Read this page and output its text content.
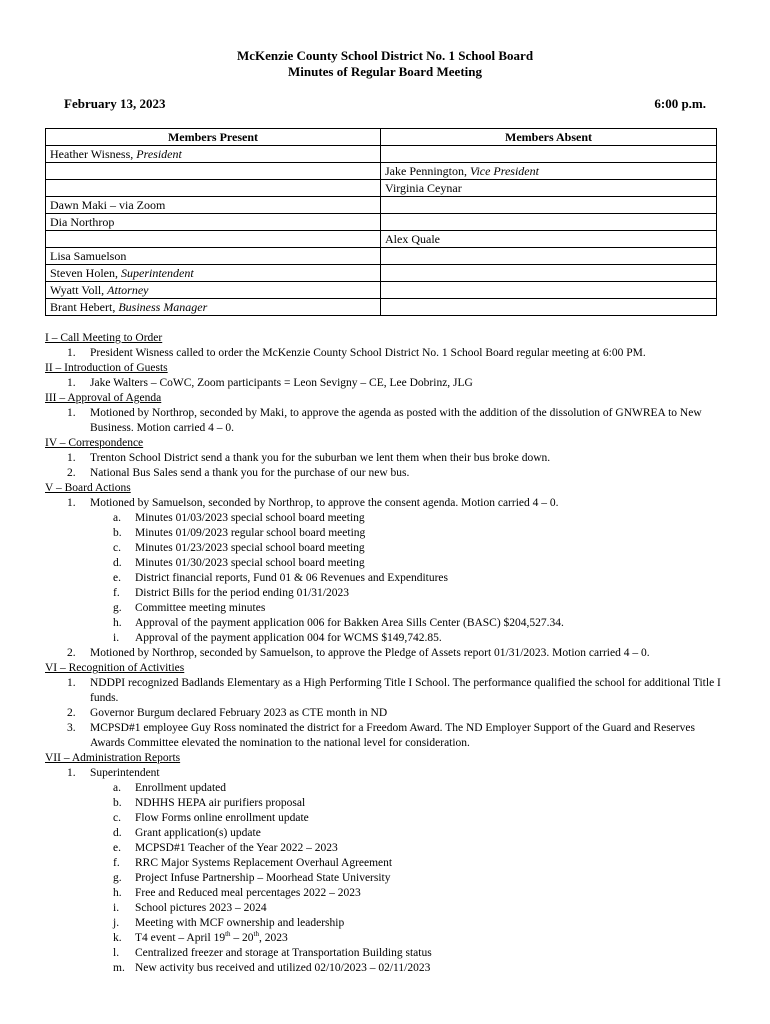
McKenzie County School District No. 1 School Board
Minutes of Regular Board Meeting
February 13, 2023	6:00 p.m.
Members Present	Members Absent
Heather Wisness, President	
	Jake Pennington, Vice President
	Virginia Ceynar
Dawn Maki – via Zoom	
Dia Northrop	
	Alex Quale
Lisa Samuelson	
Steven Holen, Superintendent	
Wyatt Voll, Attorney	
Brant Hebert, Business Manager	
I – Call Meeting to Order
1. President Wisness called to order the McKenzie County School District No. 1 School Board regular meeting at 6:00 PM.
II – Introduction of Guests
1. Jake Walters – CoWC, Zoom participants = Leon Sevigny – CE, Lee Dobrinz, JLG
III – Approval of Agenda
1. Motioned by Northrop, seconded by Maki, to approve the agenda as posted with the addition of the dissolution of GNWREA to New Business. Motion carried 4 – 0.
IV – Correspondence
1. Trenton School District send a thank you for the suburban we lent them when their bus broke down.
2. National Bus Sales send a thank you for the purchase of our new bus.
V – Board Actions
1. Motioned by Samuelson, seconded by Northrop, to approve the consent agenda. Motion carried 4 – 0.
a. Minutes 01/03/2023 special school board meeting
b. Minutes 01/09/2023 regular school board meeting
c. Minutes 01/23/2023 special school board meeting
d. Minutes 01/30/2023 special school board meeting
e. District financial reports, Fund 01 & 06 Revenues and Expenditures
f. District Bills for the period ending 01/31/2023
g. Committee meeting minutes
h. Approval of the payment application 006 for Bakken Area Sills Center (BASC) $204,527.34.
i. Approval of the payment application 004 for WCMS $149,742.85.
2. Motioned by Northrop, seconded by Samuelson, to approve the Pledge of Assets report 01/31/2023. Motion carried 4 – 0.
VI – Recognition of Activities
1. NDDPI recognized Badlands Elementary as a High Performing Title I School. The performance qualified the school for additional Title I funds.
2. Governor Burgum declared February 2023 as CTE month in ND
3. MCPSD#1 employee Guy Ross nominated the district for a Freedom Award. The ND Employer Support of the Guard and Reserves Awards Committee elevated the nomination to the national level for consideration.
VII – Administration Reports
1. Superintendent
a. Enrollment updated
b. NDHHS HEPA air purifiers proposal
c. Flow Forms online enrollment update
d. Grant application(s) update
e. MCPSD#1 Teacher of the Year 2022 – 2023
f. RRC Major Systems Replacement Overhaul Agreement
g. Project Infuse Partnership – Moorhead State University
h. Free and Reduced meal percentages 2022 – 2023
i. School pictures 2023 – 2024
j. Meeting with MCF ownership and leadership
k. T4 event – April 19th – 20th, 2023
l. Centralized freezer and storage at Transportation Building status
m. New activity bus received and utilized 02/10/2023 – 02/11/2023
